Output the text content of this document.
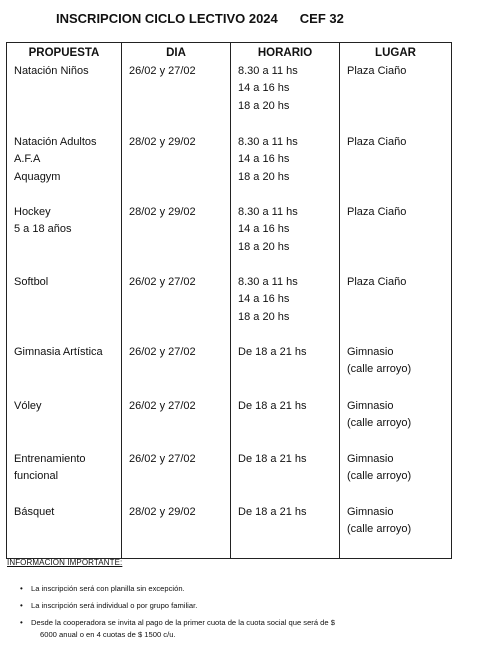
INSCRIPCION CICLO LECTIVO 2024 CEF 32
PROPUESTA	DIA	HORARIO	LUGAR

Natación Niños	26/02 y 27/02	8.30 a 11 hs
14 a 16 hs
18 a 20 hs	Plaza Ciaño

Natación Adultos
A.F.A
Aquagym	28/02 y 29/02	8.30 a 11 hs
14 a 16 hs
18 a 20 hs	Plaza Ciaño

Hockey
5 a 18 años	28/02 y 29/02	8.30 a 11 hs
14 a 16 hs
18 a 20 hs	Plaza Ciaño

Softbol	26/02 y 27/02	8.30 a 11 hs
14 a 16 hs
18 a 20 hs	Plaza Ciaño

Gimnasia Artística	26/02 y 27/02	De 18 a 21 hs	Gimnasio
(calle arroyo)

Vóley	26/02 y 27/02	De 18 a 21 hs	Gimnasio
(calle arroyo)

Entrenamiento
funcional	26/02 y 27/02	De 18 a 21 hs	Gimnasio
(calle arroyo)

Básquet	28/02 y 29/02	De 18 a 21 hs	Gimnasio
(calle arroyo)
INFORMACION IMPORTANTE:
• La inscripción será con planilla sin excepción.
• La inscripción será individual o por grupo familiar.
• Desde la cooperadora se invita al pago de la primer cuota de la cuota social que será de $
6000 anual o en 4 cuotas de $ 1500 c/u.
